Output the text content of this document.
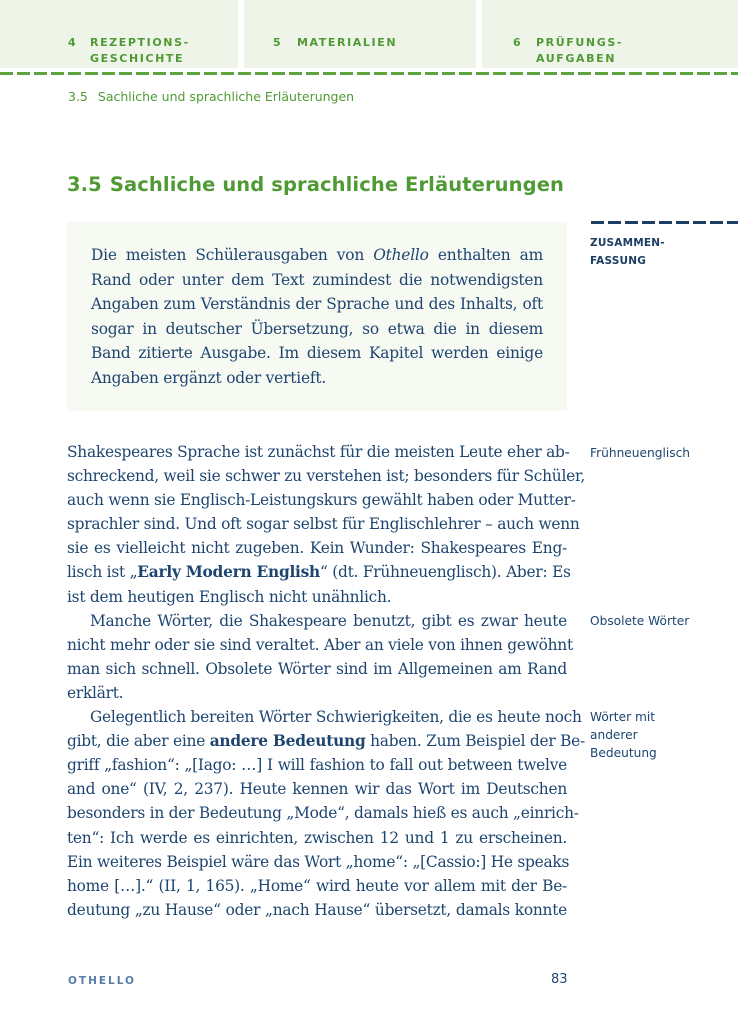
4 REZEPTIONS-
GESCHICHTE
5 MATERIALIEN	6 PRÜFUNGS-
AUFGABEN
3.5 Sachliche und sprachliche Erläuterungen
3.5 Sachliche und sprachliche Erläuterungen

Die meisten Schülerausgaben von Othello enthalten am Rand oder unter dem Text zumindest die notwendigsten Angaben zum Verständnis der Sprache und des Inhalts, oft sogar in deutscher Übersetzung, so etwa die in diesem Band zitierte Ausgabe. Im diesem Kapitel werden einige Angaben ergänzt oder vertieft.

ZUSAMMEN-
FASSUNG
Frühneuenglisch
Obsolete Wörter
Wörter mit
anderer
Bedeutung

Shakespeares Sprache ist zunächst für die meisten Leute eher ab-
schreckend, weil sie schwer zu verstehen ist; besonders für Schüler,
auch wenn sie Englisch-Leistungskurs gewählt haben oder Mutter-
sprachler sind. Und oft sogar selbst für Englischlehrer – auch wenn
sie es vielleicht nicht zugeben. Kein Wunder: Shakespeares Eng-
lisch ist „Early Modern English“ (dt. Frühneuenglisch). Aber: Es
ist dem heutigen Englisch nicht unähnlich.

Manche Wörter, die Shakespeare benutzt, gibt es zwar heute
nicht mehr oder sie sind veraltet. Aber an viele von ihnen gewöhnt
man sich schnell. Obsolete Wörter sind im Allgemeinen am Rand
erklärt.

Gelegentlich bereiten Wörter Schwierigkeiten, die es heute noch
gibt, die aber eine andere Bedeutung haben. Zum Beispiel der Be-
griff „fashion“: „[Iago: …] I will fashion to fall out between twelve
and one“ (IV, 2, 237). Heute kennen wir das Wort im Deutschen
besonders in der Bedeutung „Mode“, damals hieß es auch „einrich-
ten“: Ich werde es einrichten, zwischen 12 und 1 zu erscheinen.
Ein weiteres Beispiel wäre das Wort „home“: „[Cassio:] He speaks
home […].“ (II, 1, 165). „Home“ wird heute vor allem mit der Be-
deutung „zu Hause“ oder „nach Hause“ übersetzt, damals konnte

OTHELLO	83
